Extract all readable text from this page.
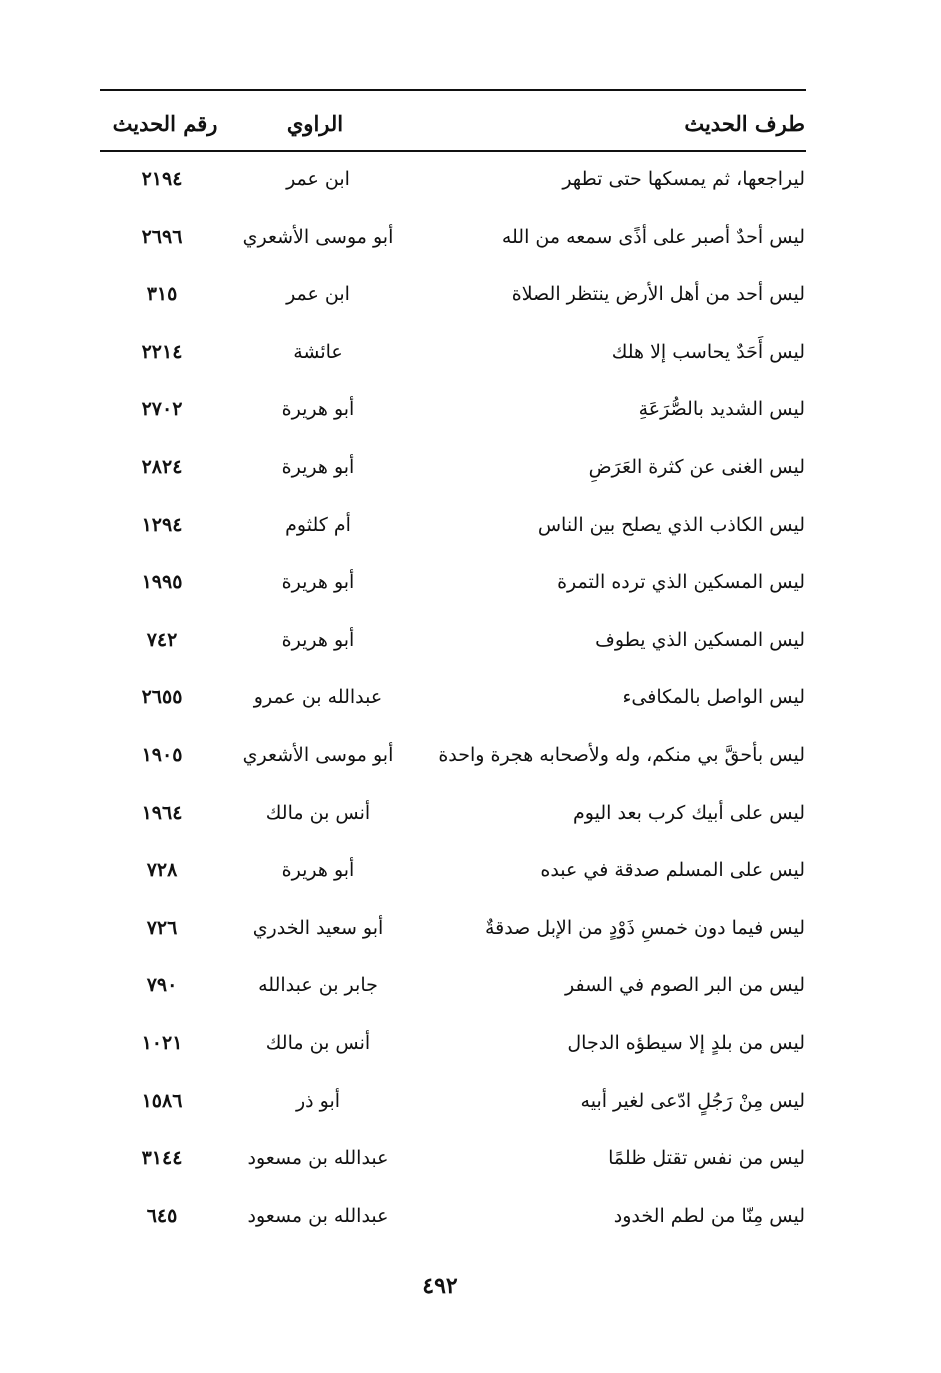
طرف الحديث
الراوي
رقم الحديث
ليراجعها، ثم يمسكها حتى تطهر
ابن عمر
٢١٩٤
ليس أحدٌ أصبر على أذًى سمعه من الله
أبو موسى الأشعري
٢٦٩٦
ليس أحد من أهل الأرض ينتظر الصلاة
ابن عمر
٣١٥
ليس أَحَدٌ يحاسب إلا هلك
عائشة
٢٢١٤
ليس الشديد بالصُّرَعَةِ
أبو هريرة
٢٧٠٢
ليس الغنى عن كثرة العَرَضِ
أبو هريرة
٢٨٢٤
ليس الكاذب الذي يصلح بين الناس
أم كلثوم
١٢٩٤
ليس المسكين الذي ترده التمرة
أبو هريرة
١٩٩٥
ليس المسكين الذي يطوف
أبو هريرة
٧٤٢
ليس الواصل بالمكافىء
عبدالله بن عمرو
٢٦٥٥
ليس بأحقَّ بي منكم، وله ولأصحابه هجرة واحدة
أبو موسى الأشعري
١٩٠٥
ليس على أبيك كرب بعد اليوم
أنس بن مالك
١٩٦٤
ليس على المسلم صدقة في عبده
أبو هريرة
٧٢٨
ليس فيما دون خمسِ ذَوْدٍ من الإبل صدقةٌ
أبو سعيد الخدري
٧٢٦
ليس من البر الصوم في السفر
جابر بن عبدالله
٧٩٠
ليس من بلدٍ إلا سيطؤه الدجال
أنس بن مالك
١٠٢١
ليس مِنْ رَجُلٍ ادّعى لغير أبيه
أبو ذر
١٥٨٦
ليس من نفس تقتل ظلمًا
عبدالله بن مسعود
٣١٤٤
ليس مِنّا من لطم الخدود
عبدالله بن مسعود
٦٤٥
٤٩٢
